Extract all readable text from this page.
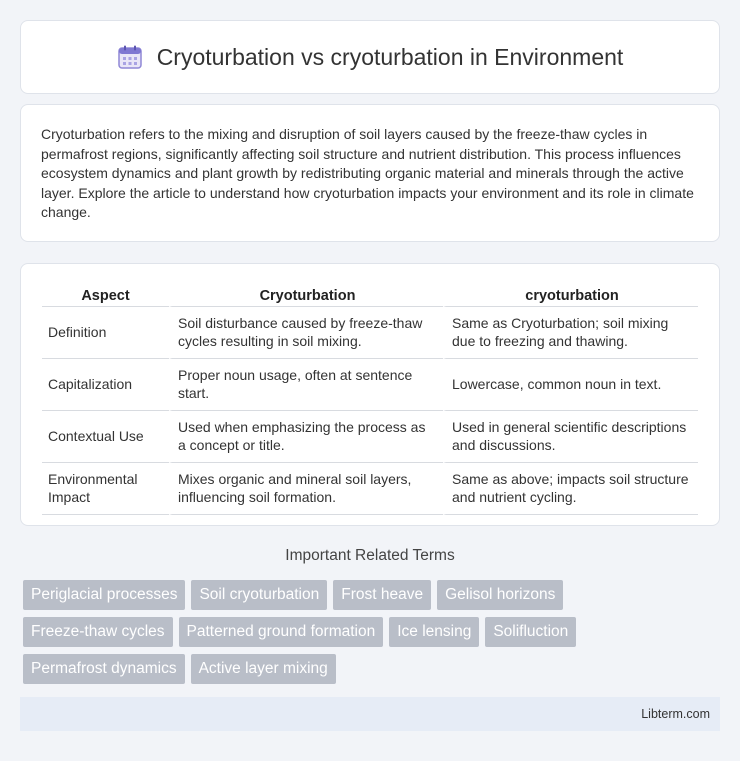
Cryoturbation vs cryoturbation in Environment

Cryoturbation refers to the mixing and disruption of soil layers caused by the freeze-thaw cycles in permafrost regions, significantly affecting soil structure and nutrient distribution. This process influences ecosystem dynamics and plant growth by redistributing organic material and minerals through the active layer. Explore the article to understand how cryoturbation impacts your environment and its role in climate change.

Aspect	Cryoturbation	cryoturbation
Definition	Soil disturbance caused by freeze-thaw cycles resulting in soil mixing.	Same as Cryoturbation; soil mixing due to freezing and thawing.
Capitalization	Proper noun usage, often at sentence start.	Lowercase, common noun in text.
Contextual Use	Used when emphasizing the process as a concept or title.	Used in general scientific descriptions and discussions.
Environmental Impact	Mixes organic and mineral soil layers, influencing soil formation.	Same as above; impacts soil structure and nutrient cycling.
Important Related Terms
Periglacial processes	Soil cryoturbation	Frost heave	Gelisol horizons
Freeze-thaw cycles	Patterned ground formation	Ice lensing	Solifluction
Permafrost dynamics	Active layer mixing
Libterm.com
